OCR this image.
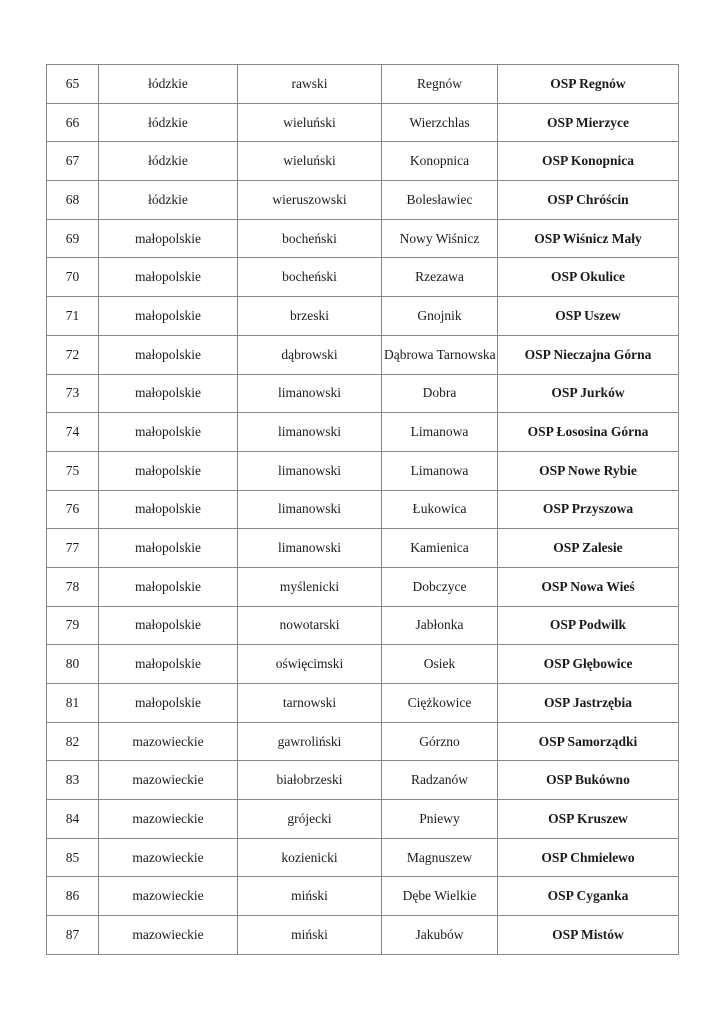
65	łódzkie	rawski	Regnów	OSP Regnów
66	łódzkie	wieluński	Wierzchlas	OSP Mierzyce
67	łódzkie	wieluński	Konopnica	OSP Konopnica
68	łódzkie	wieruszowski	Bolesławiec	OSP Chróścin
69	małopolskie	bocheński	Nowy Wiśnicz	OSP Wiśnicz Mały
70	małopolskie	bocheński	Rzezawa	OSP Okulice
71	małopolskie	brzeski	Gnojnik	OSP Uszew
72	małopolskie	dąbrowski	Dąbrowa Tarnowska	OSP Nieczajna Górna
73	małopolskie	limanowski	Dobra	OSP Jurków
74	małopolskie	limanowski	Limanowa	OSP Łososina Górna
75	małopolskie	limanowski	Limanowa	OSP Nowe Rybie
76	małopolskie	limanowski	Łukowica	OSP Przyszowa
77	małopolskie	limanowski	Kamienica	OSP Zalesie
78	małopolskie	myślenicki	Dobczyce	OSP Nowa Wieś
79	małopolskie	nowotarski	Jabłonka	OSP Podwilk
80	małopolskie	oświęcimski	Osiek	OSP Głębowice
81	małopolskie	tarnowski	Ciężkowice	OSP Jastrzębia
82	mazowieckie	gawroliński	Górzno	OSP Samorządki
83	mazowieckie	białobrzeski	Radzanów	OSP Bukówno
84	mazowieckie	grójecki	Pniewy	OSP Kruszew
85	mazowieckie	kozienicki	Magnuszew	OSP Chmielewo
86	mazowieckie	miński	Dębe Wielkie	OSP Cyganka
87	mazowieckie	miński	Jakubów	OSP Mistów
